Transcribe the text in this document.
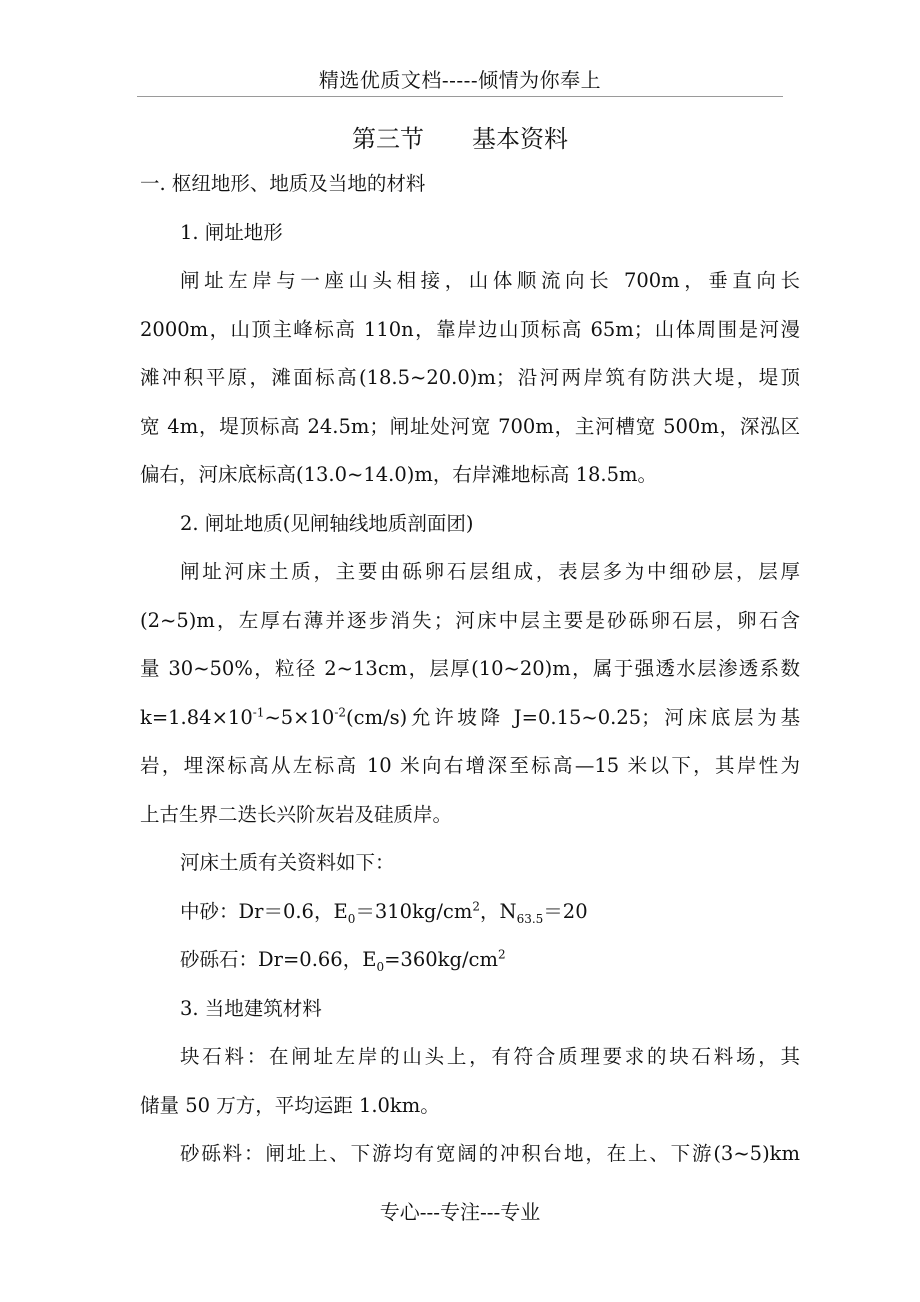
精选优质文档-----倾情为你奉上
第三节　　基本资料
一. 枢纽地形、地质及当地的材料
1. 闸址地形
闸址左岸与一座山头相接，山体顺流向长 700m，垂直向长
2000m，山顶主峰标高 110n，靠岸边山顶标高 65m；山体周围是河漫
滩冲积平原，滩面标高(18.5~20.0)m；沿河两岸筑有防洪大堤，堤顶
宽 4m，堤顶标高 24.5m；闸址处河宽 700m，主河槽宽 500m，深泓区
偏右，河床底标高(13.0~14.0)m，右岸滩地标高 18.5m。
2. 闸址地质(见闸轴线地质剖面团)
闸址河床土质，主要由砾卵石层组成，表层多为中细砂层，层厚
(2~5)m，左厚右薄并逐步消失；河床中层主要是砂砾卵石层，卵石含
量 30~50%，粒径 2~13cm，层厚(10~20)m，属于强透水层渗透系数
$k=1.84\times 10^{-1}\sim 5\times 10^{-2}(cm/s)$允许坡降 J=0.15~0.25；河床底层为基
岩，埋深标高从左标高 10 米向右增深至标高—15 米以下，其岸性为
上古生界二迭长兴阶灰岩及硅质岸。
河床土质有关资料如下：
中砂：Dr＝0.6，$E_0=310kg/cm^2$，$N_{63.5}=20$
砂砾石：Dr=0.66，$E_0=360kg/cm^2$
3. 当地建筑材料
块石料：在闸址左岸的山头上，有符合质理要求的块石料场，其
储量 50 万方，平均运距 1.0km。
砂砾料：闸址上、下游均有宽阔的冲积台地，在上、下游(3~5)km
专心---专注---专业
